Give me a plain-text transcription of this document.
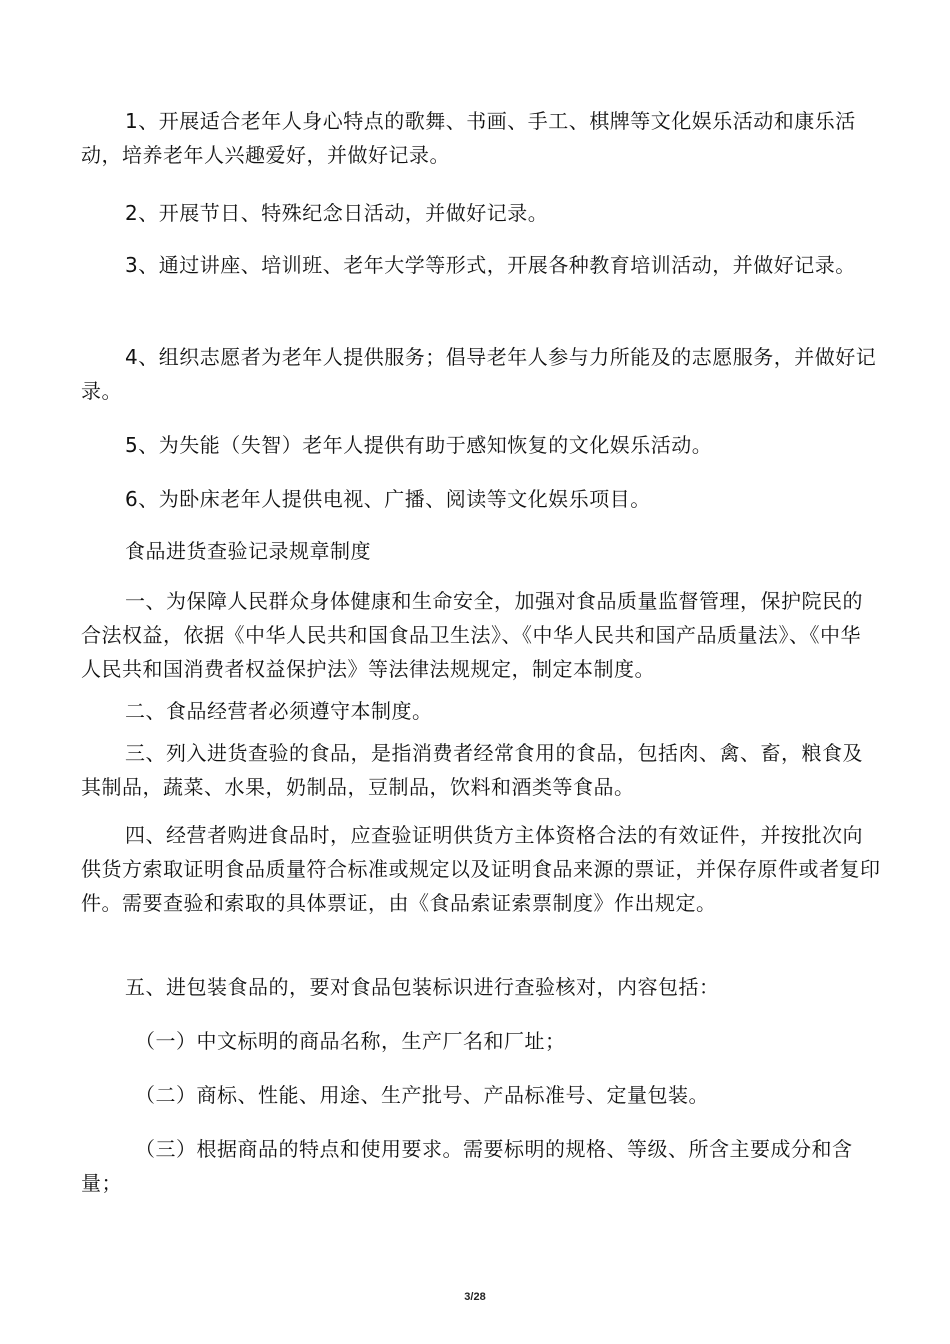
1、开展适合老年人身心特点的歌舞、书画、手工、棋牌等文化娱乐活动和康乐活动，培养老年人兴趣爱好，并做好记录。

2、开展节日、特殊纪念日活动，并做好记录。

3、通过讲座、培训班、老年大学等形式，开展各种教育培训活动，并做好记录。

4、组织志愿者为老年人提供服务；倡导老年人参与力所能及的志愿服务，并做好记录。

5、为失能（失智）老年人提供有助于感知恢复的文化娱乐活动。

6、为卧床老年人提供电视、广播、阅读等文化娱乐项目。

食品进货查验记录规章制度

一、为保障人民群众身体健康和生命安全，加强对食品质量监督管理，保护院民的合法权益，依据《中华人民共和国食品卫生法》、《中华人民共和国产品质量法》、《中华人民共和国消费者权益保护法》等法律法规规定，制定本制度。

二、食品经营者必须遵守本制度。

三、列入进货查验的食品，是指消费者经常食用的食品，包括肉、禽、畜，粮食及其制品，蔬菜、水果，奶制品，豆制品，饮料和酒类等食品。

四、经营者购进食品时，应查验证明供货方主体资格合法的有效证件，并按批次向供货方索取证明食品质量符合标准或规定以及证明食品来源的票证，并保存原件或者复印件。需要查验和索取的具体票证，由《食品索证索票制度》作出规定。

五、进包装食品的，要对食品包装标识进行查验核对，内容包括：

（一）中文标明的商品名称，生产厂名和厂址；

（二）商标、性能、用途、生产批号、产品标准号、定量包装。

（三）根据商品的特点和使用要求。需要标明的规格、等级、所含主要成分和含量；

3/28
